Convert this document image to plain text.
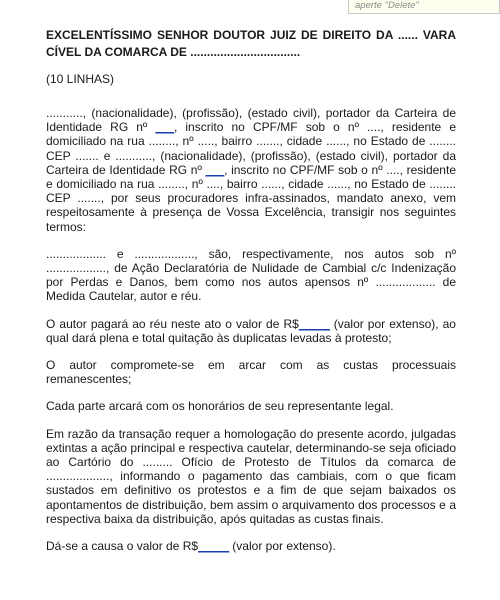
aperte "Delete"
EXCELENTÍSSIMO SENHOR DOUTOR JUIZ DE DIREITO DA ...... VARA CÍVEL DA COMARCA DE .................................
(10 LINHAS)

..........., (nacionalidade), (profissão), (estado civil), portador da Carteira de Identidade RG nº ___, inscrito no CPF/MF sob o nº ...., residente e domiciliado na rua ........, nº ....., bairro ......., cidade ......, no Estado de ........ CEP ....... e ..........., (nacionalidade), (profissão), (estado civil), portador da Carteira de Identidade RG nº ___, inscrito no CPF/MF sob o nº ...., residente e domiciliado na rua ........, nº ...., bairro ......, cidade ......, no Estado de ........ CEP ......., por seus procuradores infra-assinados, mandato anexo, vem respeitosamente à presença de Vossa Excelência, transigir nos seguintes termos:

.................. e .................., são, respectivamente, nos autos sob nº .................., de Ação Declaratória de Nulidade de Cambial c/c Indenização por Perdas e Danos, bem como nos autos apensos nº .................. de Medida Cautelar, autor e réu.

O autor pagará ao réu neste ato o valor de R$_____ (valor por extenso), ao qual dará plena e total quitação às duplicatas levadas à protesto;

O autor compromete-se em arcar com as custas processuais remanescentes;

Cada parte arcará com os honorários de seu representante legal.

Em razão da transação requer a homologação do presente acordo, julgadas extintas a ação principal e respectiva cautelar, determinando-se seja oficiado ao Cartório do ......... Ofício de Protesto de Títulos da comarca de ..................., informando o pagamento das cambiais, com o que ficam sustados em definitivo os protestos e a fim de que sejam baixados os apontamentos de distribuição, bem assim o arquivamento dos processos e a respectiva baixa da distribuição, após quitadas as custas finais.

Dá-se a causa o valor de R$_____ (valor por extenso).
